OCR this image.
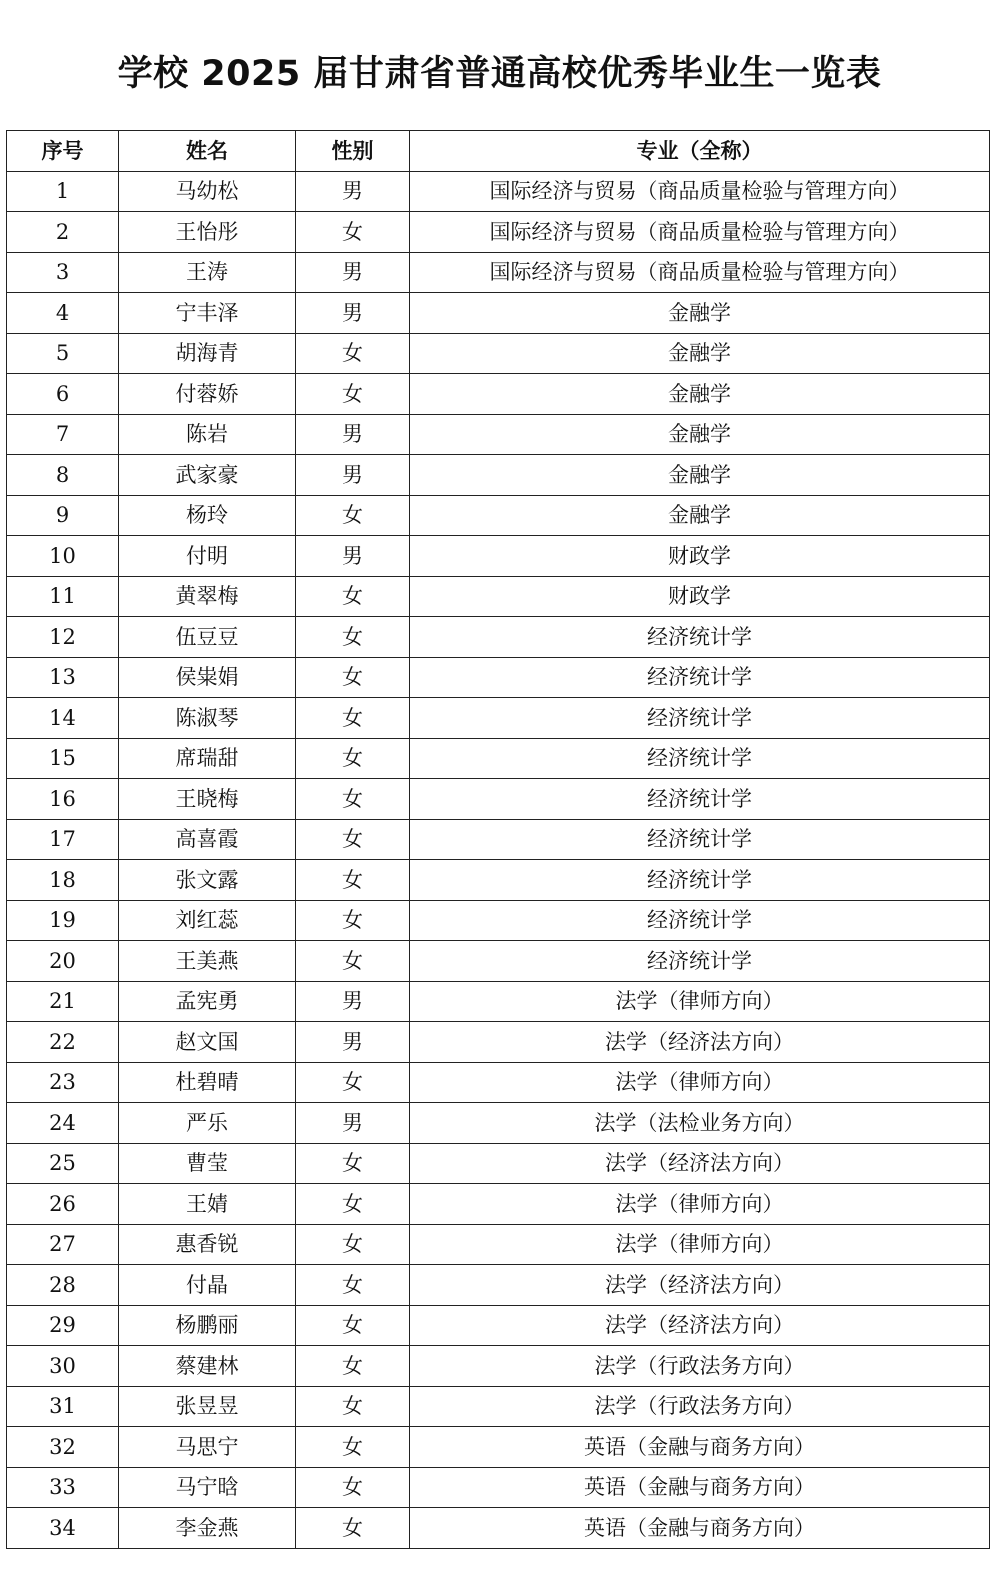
学校 2025 届甘肃省普通高校优秀毕业生一览表
序号	姓名	性别	专业（全称）
1	马幼松	男	国际经济与贸易（商品质量检验与管理方向）
2	王怡彤	女	国际经济与贸易（商品质量检验与管理方向）
3	王涛	男	国际经济与贸易（商品质量检验与管理方向）
4	宁丰泽	男	金融学
5	胡海青	女	金融学
6	付蓉娇	女	金融学
7	陈岩	男	金融学
8	武家豪	男	金融学
9	杨玲	女	金融学
10	付明	男	财政学
11	黄翠梅	女	财政学
12	伍豆豆	女	经济统计学
13	侯粜娟	女	经济统计学
14	陈淑琴	女	经济统计学
15	席瑞甜	女	经济统计学
16	王晓梅	女	经济统计学
17	高喜霞	女	经济统计学
18	张文露	女	经济统计学
19	刘红蕊	女	经济统计学
20	王美燕	女	经济统计学
21	孟宪勇	男	法学（律师方向）
22	赵文国	男	法学（经济法方向）
23	杜碧晴	女	法学（律师方向）
24	严乐	男	法学（法检业务方向）
25	曹莹	女	法学（经济法方向）
26	王婧	女	法学（律师方向）
27	惠香锐	女	法学（律师方向）
28	付晶	女	法学（经济法方向）
29	杨鹏丽	女	法学（经济法方向）
30	蔡建林	女	法学（行政法务方向）
31	张昱昱	女	法学（行政法务方向）
32	马思宁	女	英语（金融与商务方向）
33	马宁晗	女	英语（金融与商务方向）
34	李金燕	女	英语（金融与商务方向）
